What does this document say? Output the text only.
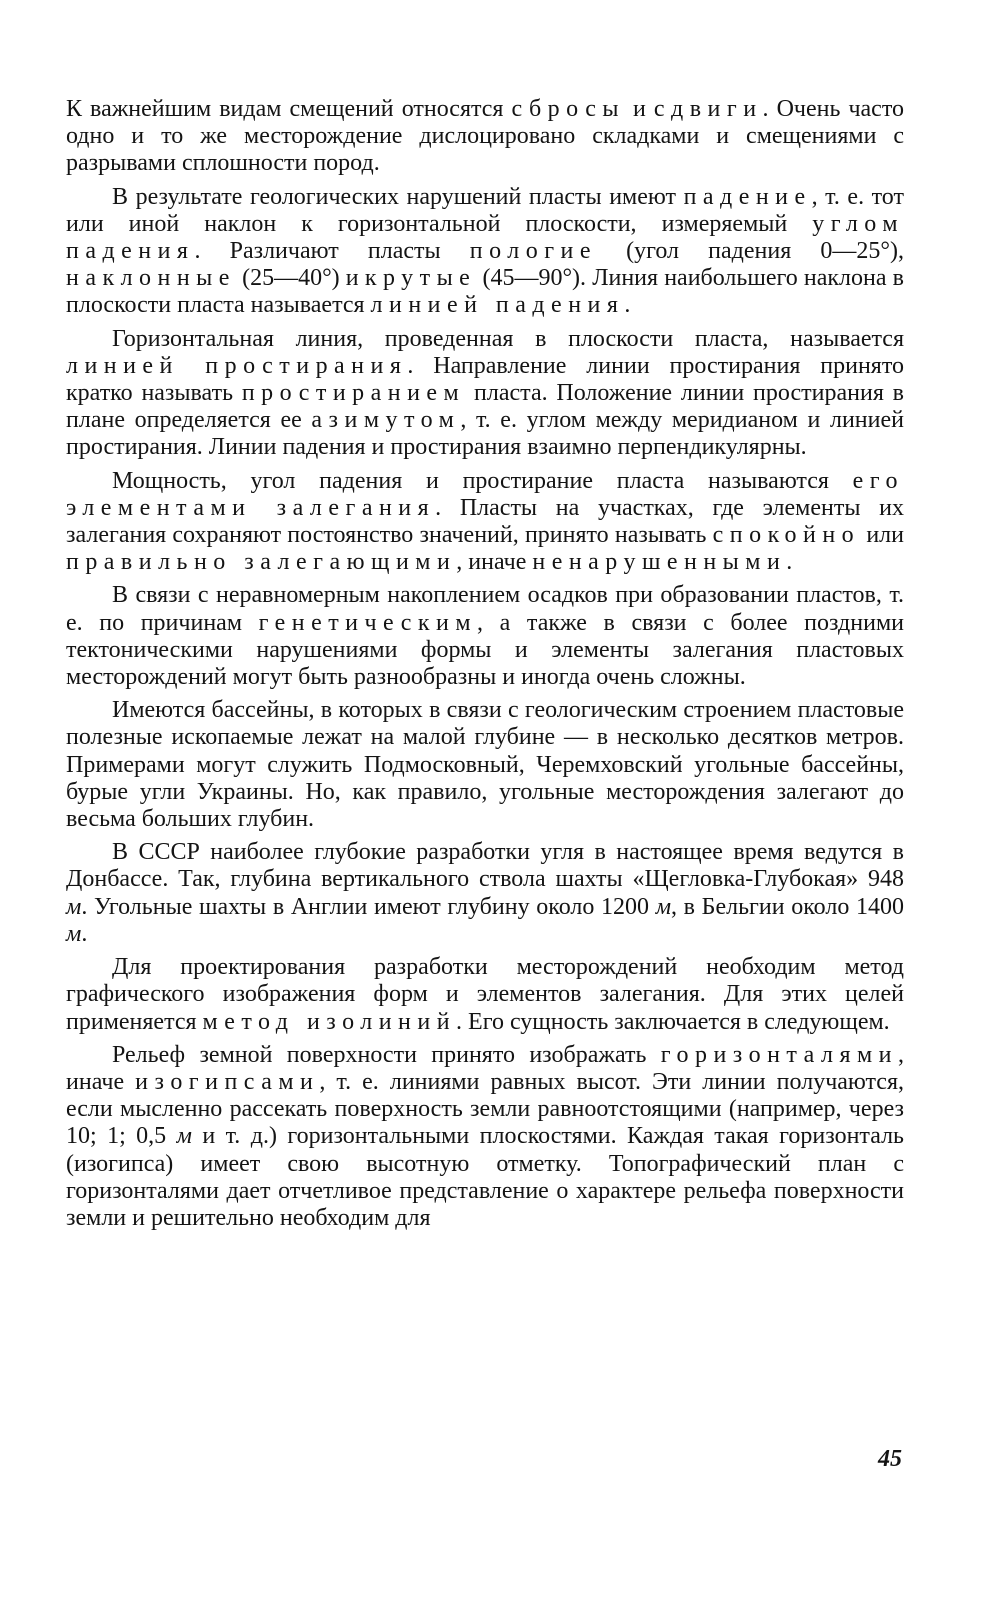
К важнейшим видам смещений относятся сбросы и сдвиги. Очень часто одно и то же месторождение дислоцировано складками и смещениями с разрывами сплошности пород.

В результате геологических нарушений пласты имеют падение, т. е. тот или иной наклон к горизонтальной плоскости, измеряемый углом падения. Различают пласты пологие (угол падения 0—25°), наклонные (25—40°) и крутые (45—90°). Линия наибольшего наклона в плоскости пласта называется линией падения.

Горизонтальная линия, проведенная в плоскости пласта, называется линией простирания. Направление линии простирания принято кратко называть простиранием пласта. Положение линии простирания в плане определяется ее азимутом, т. е. углом между меридианом и линией простирания. Линии падения и простирания взаимно перпендикулярны.

Мощность, угол падения и простирание пласта называются его элементами залегания. Пласты на участках, где элементы их залегания сохраняют постоянство значений, принято называть спокойно или правильно залегающими, иначе ненарушенными.

В связи с неравномерным накоплением осадков при образовании пластов, т. е. по причинам генетическим, а также в связи с более поздними тектоническими нарушениями формы и элементы залегания пластовых месторождений могут быть разнообразны и иногда очень сложны.

Имеются бассейны, в которых в связи с геологическим строением пластовые полезные ископаемые лежат на малой глубине — в несколько десятков метров. Примерами могут служить Подмосковный, Черемховский угольные бассейны, бурые угли Украины. Но, как правило, угольные месторождения залегают до весьма больших глубин.

В СССР наиболее глубокие разработки угля в настоящее время ведутся в Донбассе. Так, глубина вертикального ствола шахты «Щегловка-Глубокая» 948 м. Угольные шахты в Англии имеют глубину около 1200 м, в Бельгии около 1400 м.

Для проектирования разработки месторождений необходим метод графического изображения форм и элементов залегания. Для этих целей применяется метод изолиний. Его сущность заключается в следующем.

Рельеф земной поверхности принято изображать горизонталями, иначе изогипсами, т. е. линиями равных высот. Эти линии получаются, если мысленно рассекать поверхность земли равноотстоящими (например, через 10; 1; 0,5 м и т. д.) горизонтальными плоскостями. Каждая такая горизонталь (изогипса) имеет свою высотную отметку. Топографический план с горизонталями дает отчетливое представление о характере рельефа поверхности земли и решительно необходим для

45
